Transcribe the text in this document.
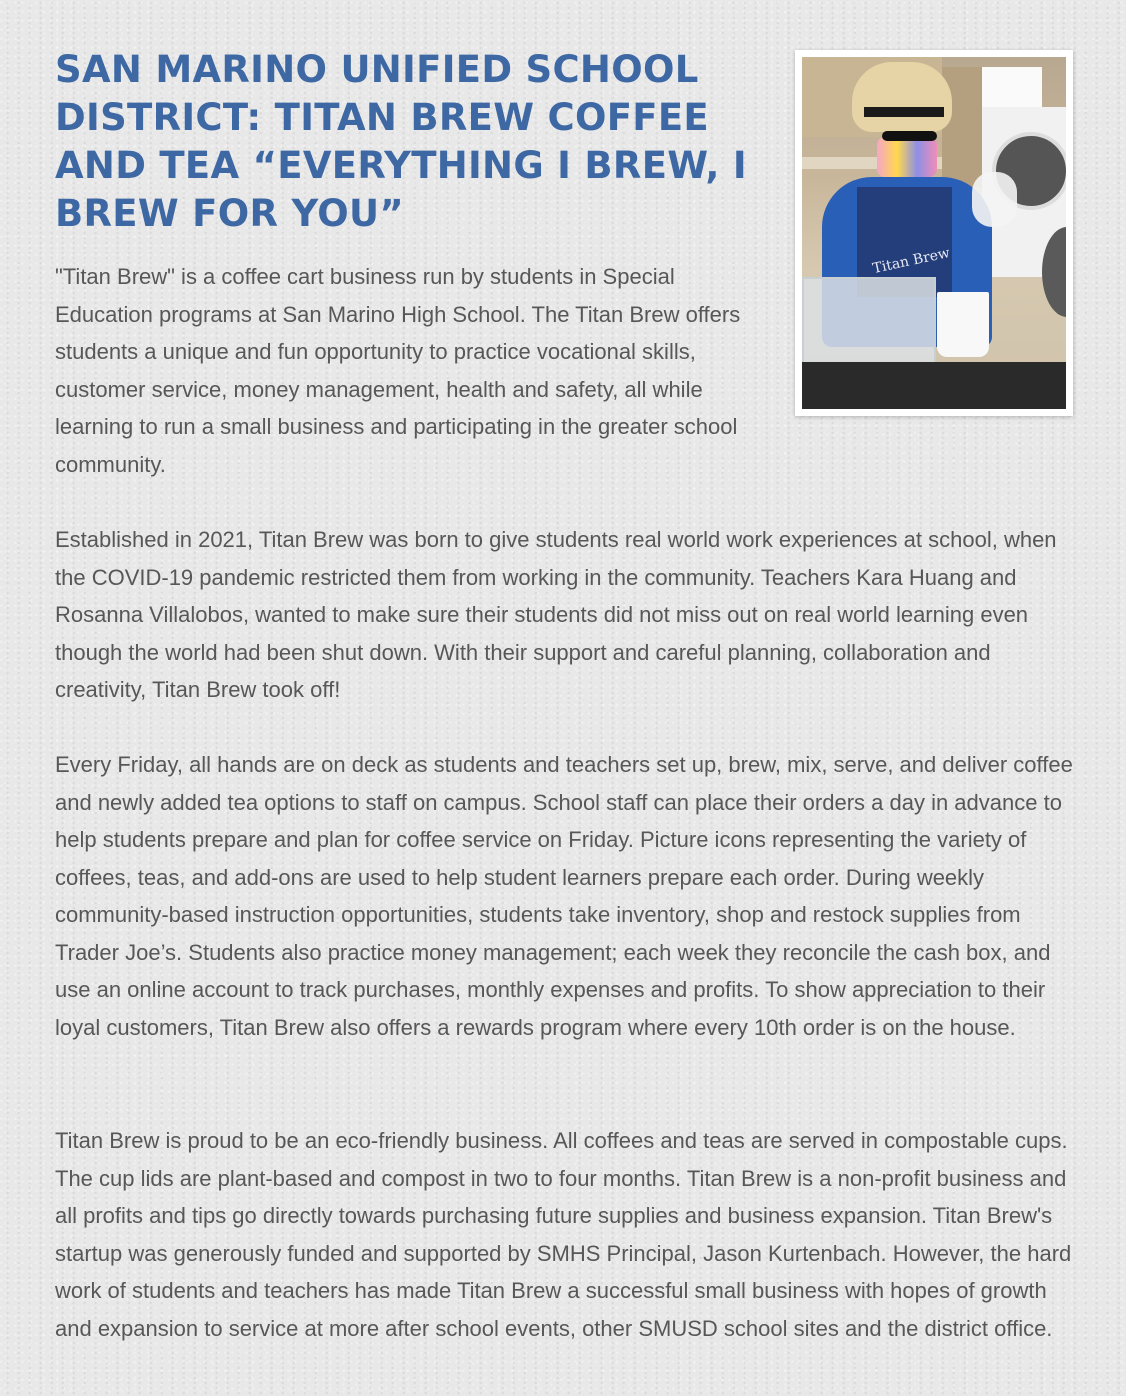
SAN MARINO UNIFIED SCHOOL DISTRICT: TITAN BREW COFFEE AND TEA “EVERYTHING I BREW, I BREW FOR YOU”
Titan Brew

"Titan Brew" is a coffee cart business run by students in Special Education programs at San Marino High School. The Titan Brew offers students a unique and fun opportunity to practice vocational skills, customer service, money management, health and safety, all while learning to run a small business and participating in the greater school community.

Established in 2021, Titan Brew was born to give students real world work experiences at school, when the COVID-19 pandemic restricted them from working in the community. Teachers Kara Huang and Rosanna Villalobos, wanted to make sure their students did not miss out on real world learning even though the world had been shut down. With their support and careful planning, collaboration and creativity, Titan Brew took off!

Every Friday, all hands are on deck as students and teachers set up, brew, mix, serve, and deliver coffee and newly added tea options to staff on campus. School staff can place their orders a day in advance to help students prepare and plan for coffee service on Friday. Picture icons representing the variety of coffees, teas, and add-ons are used to help student learners prepare each order. During weekly community-based instruction opportunities, students take inventory, shop and restock supplies from Trader Joe’s. Students also practice money management; each week they reconcile the cash box, and use an online account to track purchases, monthly expenses and profits. To show appreciation to their loyal customers, Titan Brew also offers a rewards program where every 10th order is on the house.

Titan Brew is proud to be an eco-friendly business. All coffees and teas are served in compostable cups. The cup lids are plant-based and compost in two to four months. Titan Brew is a non-profit business and all profits and tips go directly towards purchasing future supplies and business expansion. Titan Brew's startup was generously funded and supported by SMHS Principal, Jason Kurtenbach. However, the hard work of students and teachers has made Titan Brew a successful small business with hopes of growth and expansion to service at more after school events, other SMUSD school sites and the district office.
